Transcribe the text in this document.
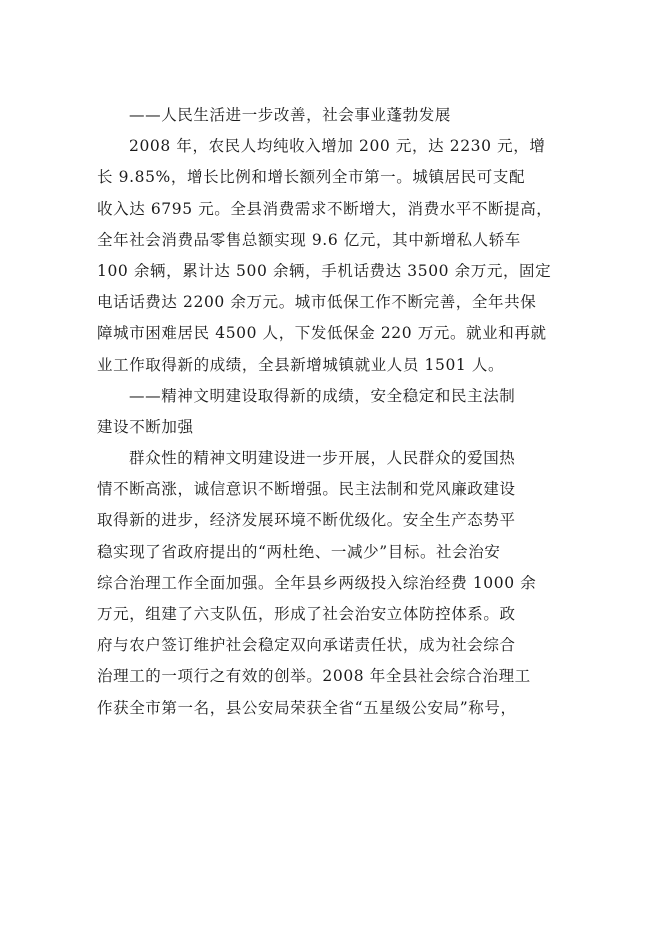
——人民生活进一步改善，社会事业蓬勃发展
2008 年，农民人均纯收入增加 200 元，达 2230 元，增
长 9.85%，增长比例和增长额列全市第一。城镇居民可支配
收入达 6795 元。全县消费需求不断增大，消费水平不断提高，
全年社会消费品零售总额实现 9.6 亿元，其中新增私人轿车
100 余辆，累计达 500 余辆，手机话费达 3500 余万元，固定
电话话费达 2200 余万元。城市低保工作不断完善，全年共保
障城市困难居民 4500 人，下发低保金 220 万元。就业和再就
业工作取得新的成绩，全县新增城镇就业人员 1501 人。
——精神文明建设取得新的成绩，安全稳定和民主法制
建设不断加强
群众性的精神文明建设进一步开展，人民群众的爱国热
情不断高涨，诚信意识不断增强。民主法制和党风廉政建设
取得新的进步，经济发展环境不断优级化。安全生产态势平
稳实现了省政府提出的“两杜绝、一减少”目标。社会治安
综合治理工作全面加强。全年县乡两级投入综治经费 1000 余
万元，组建了六支队伍，形成了社会治安立体防控体系。政
府与农户签订维护社会稳定双向承诺责任状，成为社会综合
治理工的一项行之有效的创举。2008 年全县社会综合治理工
作获全市第一名，县公安局荣获全省“五星级公安局”称号，
